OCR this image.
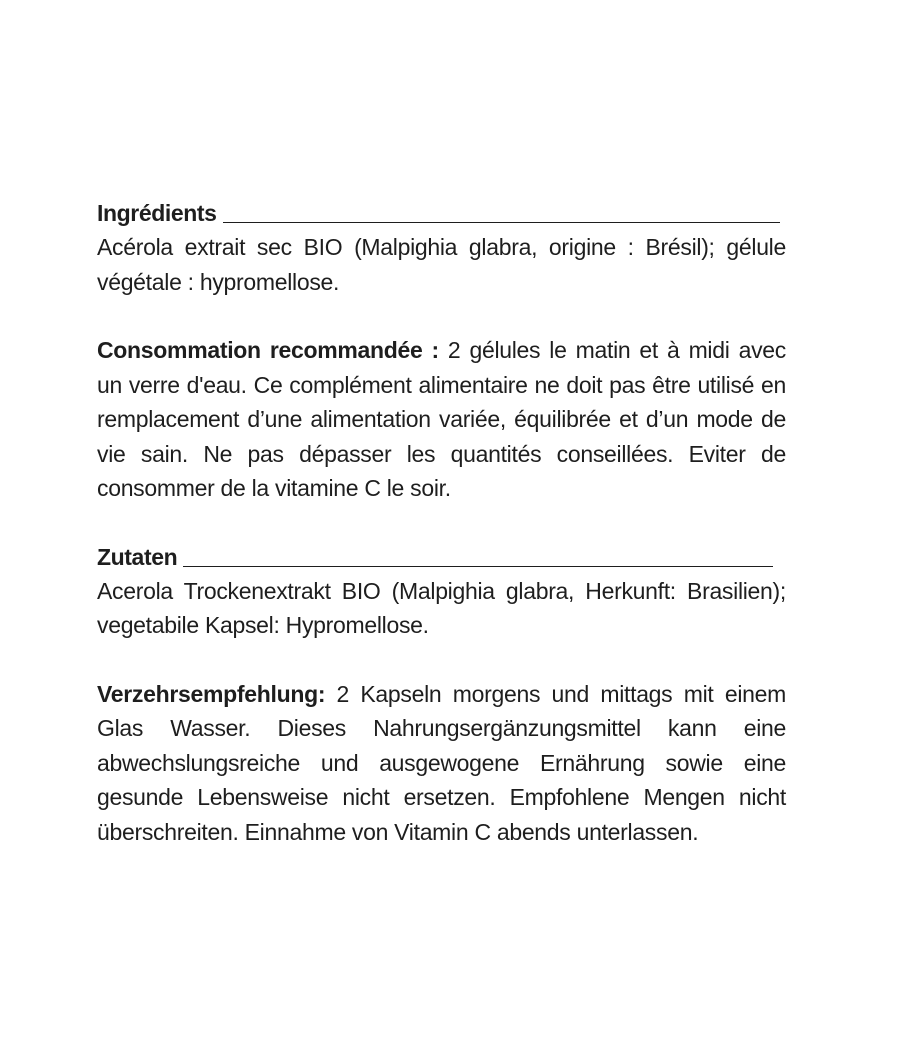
Ingrédients

Acérola extrait sec BIO (Malpighia glabra, origine : Brésil); gélule végétale : hypromellose.

Consommation recommandée : 2 gélules le matin et à midi avec un verre d'eau. Ce complément alimentaire ne doit pas être utilisé en remplacement d’une alimentation variée, équilibrée et d’un mode de vie sain. Ne pas dépasser les quantités conseillées. Eviter de consommer de la vitamine C le soir.

Zutaten

Acerola Trockenextrakt BIO (Malpighia glabra, Herkunft: Brasilien); vegetabile Kapsel: Hypromellose.

Verzehrsempfehlung: 2 Kapseln morgens und mittags mit einem Glas Wasser. Dieses Nahrungsergänzungsmittel kann eine abwechslungsreiche und ausgewogene Ernährung sowie eine gesunde Lebensweise nicht ersetzen. Empfohlene Mengen nicht überschreiten. Einnahme von Vitamin C abends unterlassen.
